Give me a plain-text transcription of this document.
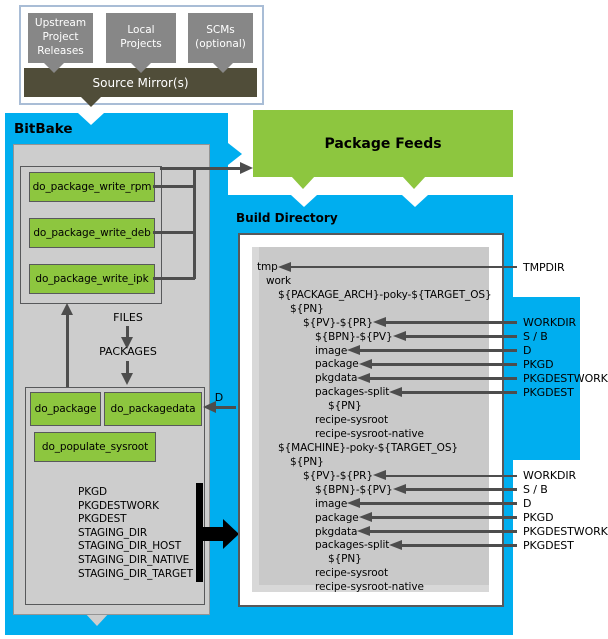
Upstream Project Releases
Local Projects
SCMs (optional)
Source Mirror(s)
BitBake
do_package_write_rpm
do_package_write_deb
do_package_write_ipk
FILES
PACKAGES
do_package	do_packagedata
do_populate_sysroot
D
PKGD
PKGDESTWORK
PKGDEST
STAGING_DIR
STAGING_DIR_HOST
STAGING_DIR_NATIVE
STAGING_DIR_TARGET
Package Feeds
Build Directory
tmp	TMPDIR
work
${PACKAGE_ARCH}-poky-${TARGET_OS}
${PN}
${PV}-${PR}	WORKDIR
${BPN}-${PV}	S / B
image	D
package	PKGD
pkgdata	PKGDESTWORK
packages-split	PKGDEST
${PN}
recipe-sysroot
recipe-sysroot-native
${MACHINE}-poky-${TARGET_OS}
${PN}
${PV}-${PR}	WORKDIR
${BPN}-${PV}	S / B
image	D
package	PKGD
pkgdata	PKGDESTWORK
packages-split	PKGDEST
${PN}
recipe-sysroot
recipe-sysroot-native
